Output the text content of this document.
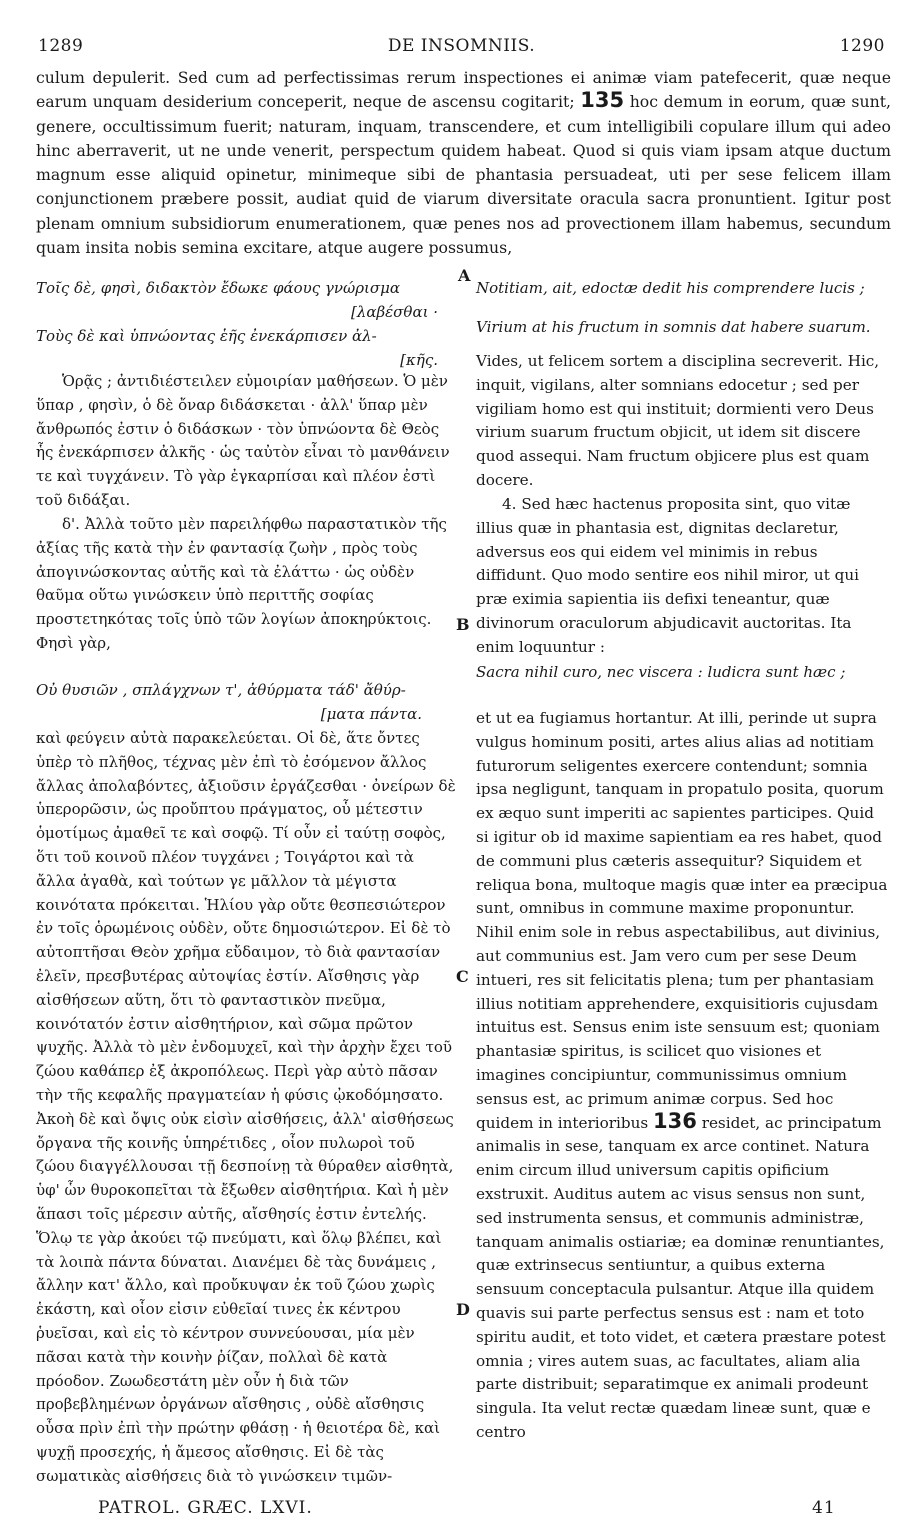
1289	DE INSOMNIIS.	1290

culum depulerit. Sed cum ad perfectissimas rerum inspectiones ei animæ viam patefecerit, quæ neque earum unquam desiderium conceperit, neque de ascensu cogitarit; 135 hoc demum in eorum, quæ sunt, genere, occultissimum fuerit; naturam, inquam, transcendere, et cum intelligibili copulare illum qui adeo hinc aberraverit, ut ne unde venerit, perspectum quidem habeat. Quod si quis viam ipsam atque ductum magnum esse aliquid opinetur, minimeque sibi de phantasia persuadeat, uti per sese felicem illam conjunctionem præbere possit, audiat quid de viarum diversitate oracula sacra pronuntient. Igitur post plenam omnium subsidiorum enumerationem, quæ penes nos ad provectionem illam habemus, secundum quam insita nobis semina excitare, atque augere possumus,

Τοῖς δὲ, φησὶ, διδακτὸν ἔδωκε φάους γνώρισμα

[λαβέσθαι ·

Τοὺς δὲ καὶ ὑπνώοντας ἑῆς ἐνεκάρπισεν ἀλ-

[κῆς.

Ὁρᾷς ; ἀντιδιέστειλεν εὐμοιρίαν μαθήσεων. Ὁ μὲν ὕπαρ , φησὶν, ὁ δὲ ὄναρ διδάσκεται · ἀλλ' ὕπαρ μὲν ἄνθρωπός ἐστιν ὁ διδάσκων · τὸν ὑπνώοντα δὲ Θεὸς ἧς ἐνεκάρπισεν ἀλκῆς · ὡς ταὐτὸν εἶναι τὸ μανθάνειν τε καὶ τυγχάνειν. Τὸ γὰρ ἐγκαρπίσαι καὶ πλέον ἐστὶ τοῦ διδάξαι.

δ'. Ἀλλὰ τοῦτο μὲν παρειλήφθω παραστατικὸν τῆς ἀξίας τῆς κατὰ τὴν ἐν φαντασίᾳ ζωὴν , πρὸς τοὺς ἀπογινώσκοντας αὐτῆς καὶ τὰ ἐλάττω · ὡς οὐδὲν θαῦμα οὕτω γινώσκειν ὑπὸ περιττῆς σοφίας προστετηκότας τοῖς ὑπὸ τῶν λογίων ἀποκηρύκτοις. Φησὶ γὰρ,

Οὐ θυσιῶν , σπλάγχνων τ', ἀθύρματα τάδ' ἄθύρ-

[ματα πάντα.

καὶ φεύγειν αὐτὰ παρακελεύεται. Οἱ δὲ, ἅτε ὄντες ὑπὲρ τὸ πλῆθος, τέχνας μὲν ἐπὶ τὸ ἐσόμενον ἄλλος ἄλλας ἀπολαβόντες, ἀξιοῦσιν ἐργάζεσθαι · ὀνείρων δὲ ὑπερορῶσιν, ὡς προὔπτου πράγματος, οὗ μέτεστιν ὁμοτίμως ἀμαθεῖ τε καὶ σοφῷ. Τί οὖν εἰ ταύτῃ σοφὸς, ὅτι τοῦ κοινοῦ πλέον τυγχάνει ; Τοιγάρτοι καὶ τὰ ἄλλα ἀγαθὰ, καὶ τούτων γε μᾶλλον τὰ μέγιστα κοινότατα πρόκειται. Ἡλίου γὰρ οὔτε θεσπεσιώτερον ἐν τοῖς ὁρωμένοις οὐδὲν, οὔτε δημοσιώτερον. Εἰ δὲ τὸ αὐτοπτῆσαι Θεὸν χρῆμα εὔδαιμον, τὸ διὰ φαντασίαν ἐλεῖν, πρεσβυτέρας αὐτοψίας ἐστίν. Αἴσθησις γὰρ αἰσθήσεων αὕτη, ὅτι τὸ φανταστικὸν πνεῦμα, κοινότατόν ἐστιν αἰσθητήριον, καὶ σῶμα πρῶτον ψυχῆς. Ἀλλὰ τὸ μὲν ἐνδομυχεῖ, καὶ τὴν ἀρχὴν ἔχει τοῦ ζώου καθάπερ ἐξ ἀκροπόλεως. Περὶ γὰρ αὐτὸ πᾶσαν τὴν τῆς κεφαλῆς πραγματείαν ἡ φύσις ᾠκοδόμησατο. Ἀκοὴ δὲ καὶ ὄψις οὐκ εἰσὶν αἰσθήσεις, ἀλλ' αἰσθήσεως ὄργανα τῆς κοινῆς ὑπηρέτιδες , οἷον πυλωροὶ τοῦ ζώου διαγγέλλουσαι τῇ δεσποίνῃ τὰ θύραθεν αἰσθητὰ, ὑφ' ὧν θυροκοπεῖται τὰ ἔξωθεν αἰσθητήρια. Καὶ ἡ μὲν ἅπασι τοῖς μέρεσιν αὐτῆς, αἴσθησίς ἐστιν ἐντελής. Ὅλῳ τε γὰρ ἀκούει τῷ πνεύματι, καὶ ὅλῳ βλέπει, καὶ τὰ λοιπὰ πάντα δύναται. Διανέμει δὲ τὰς δυνάμεις , ἄλλην κατ' ἄλλο, καὶ προὔκυψαν ἐκ τοῦ ζώου χωρὶς ἑκάστη, καὶ οἷον εἰσιν εὐθεῖαί τινες ἐκ κέντρου ῥυεῖσαι, καὶ εἰς τὸ κέντρον συννεύουσαι, μία μὲν πᾶσαι κατὰ τὴν κοινὴν ῥίζαν, πολλαὶ δὲ κατὰ πρόοδον. Ζωωδεστάτη μὲν οὖν ἡ διὰ τῶν προβεβλημένων ὀργάνων αἴσθησις , οὐδὲ αἴσθησις οὖσα πρὶν ἐπὶ τὴν πρώτην φθάσῃ · ἡ θειοτέρα δὲ, καὶ ψυχῇ προσεχής, ἡ ἄμεσος αἴσθησις. Εἰ δὲ τὰς σωματικὰς αἰσθήσεις διὰ τὸ γινώσκειν τιμῶν-

A
B
C
D

Notitiam, ait, edoctæ dedit his comprendere lucis ;

Virium at his fructum in somnis dat habere suarum.

Vides, ut felicem sortem a disciplina secreverit. Hic, inquit, vigilans, alter somnians edocetur ; sed per vigiliam homo est qui instituit; dormienti vero Deus virium suarum fructum objicit, ut idem sit discere quod assequi. Nam fructum objicere plus est quam docere.

4. Sed hæc hactenus proposita sint, quo vitæ illius quæ in phantasia est, dignitas declaretur, adversus eos qui eidem vel minimis in rebus diffidunt. Quo modo sentire eos nihil miror, ut qui præ eximia sapientia iis defixi teneantur, quæ divinorum oraculorum abjudicavit auctoritas. Ita enim loquuntur :

Sacra nihil curo, nec viscera : ludicra sunt hæc ;

et ut ea fugiamus hortantur. At illi, perinde ut supra vulgus hominum positi, artes alius alias ad notitiam futurorum seligentes exercere contendunt; somnia ipsa negligunt, tanquam in propatulo posita, quorum ex æquo sunt imperiti ac sapientes participes. Quid si igitur ob id maxime sapientiam ea res habet, quod de communi plus cæteris assequitur? Siquidem et reliqua bona, multoque magis quæ inter ea præcipua sunt, omnibus in commune maxime proponuntur. Nihil enim sole in rebus aspectabilibus, aut divinius, aut communius est. Jam vero cum per sese Deum intueri, res sit felicitatis plena; tum per phantasiam illius notitiam apprehendere, exquisitioris cujusdam intuitus est. Sensus enim iste sensuum est; quoniam phantasiæ spiritus, is scilicet quo visiones et imagines concipiuntur, communissimus omnium sensus est, ac primum animæ corpus. Sed hoc quidem in interioribus 136 residet, ac principatum animalis in sese, tanquam ex arce continet. Natura enim circum illud universum capitis opificium exstruxit. Auditus autem ac visus sensus non sunt, sed instrumenta sensus, et communis administræ, tanquam animalis ostiariæ; ea dominæ renuntiantes, quæ extrinsecus sentiuntur, a quibus externa sensuum conceptacula pulsantur. Atque illa quidem quavis sui parte perfectus sensus est : nam et toto spiritu audit, et toto videt, et cætera præstare potest omnia ; vires autem suas, ac facultates, aliam alia parte distribuit; separatimque ex animali prodeunt singula. Ita velut rectæ quædam lineæ sunt, quæ e centro

PATROL. GRÆC. LXVI.	41
